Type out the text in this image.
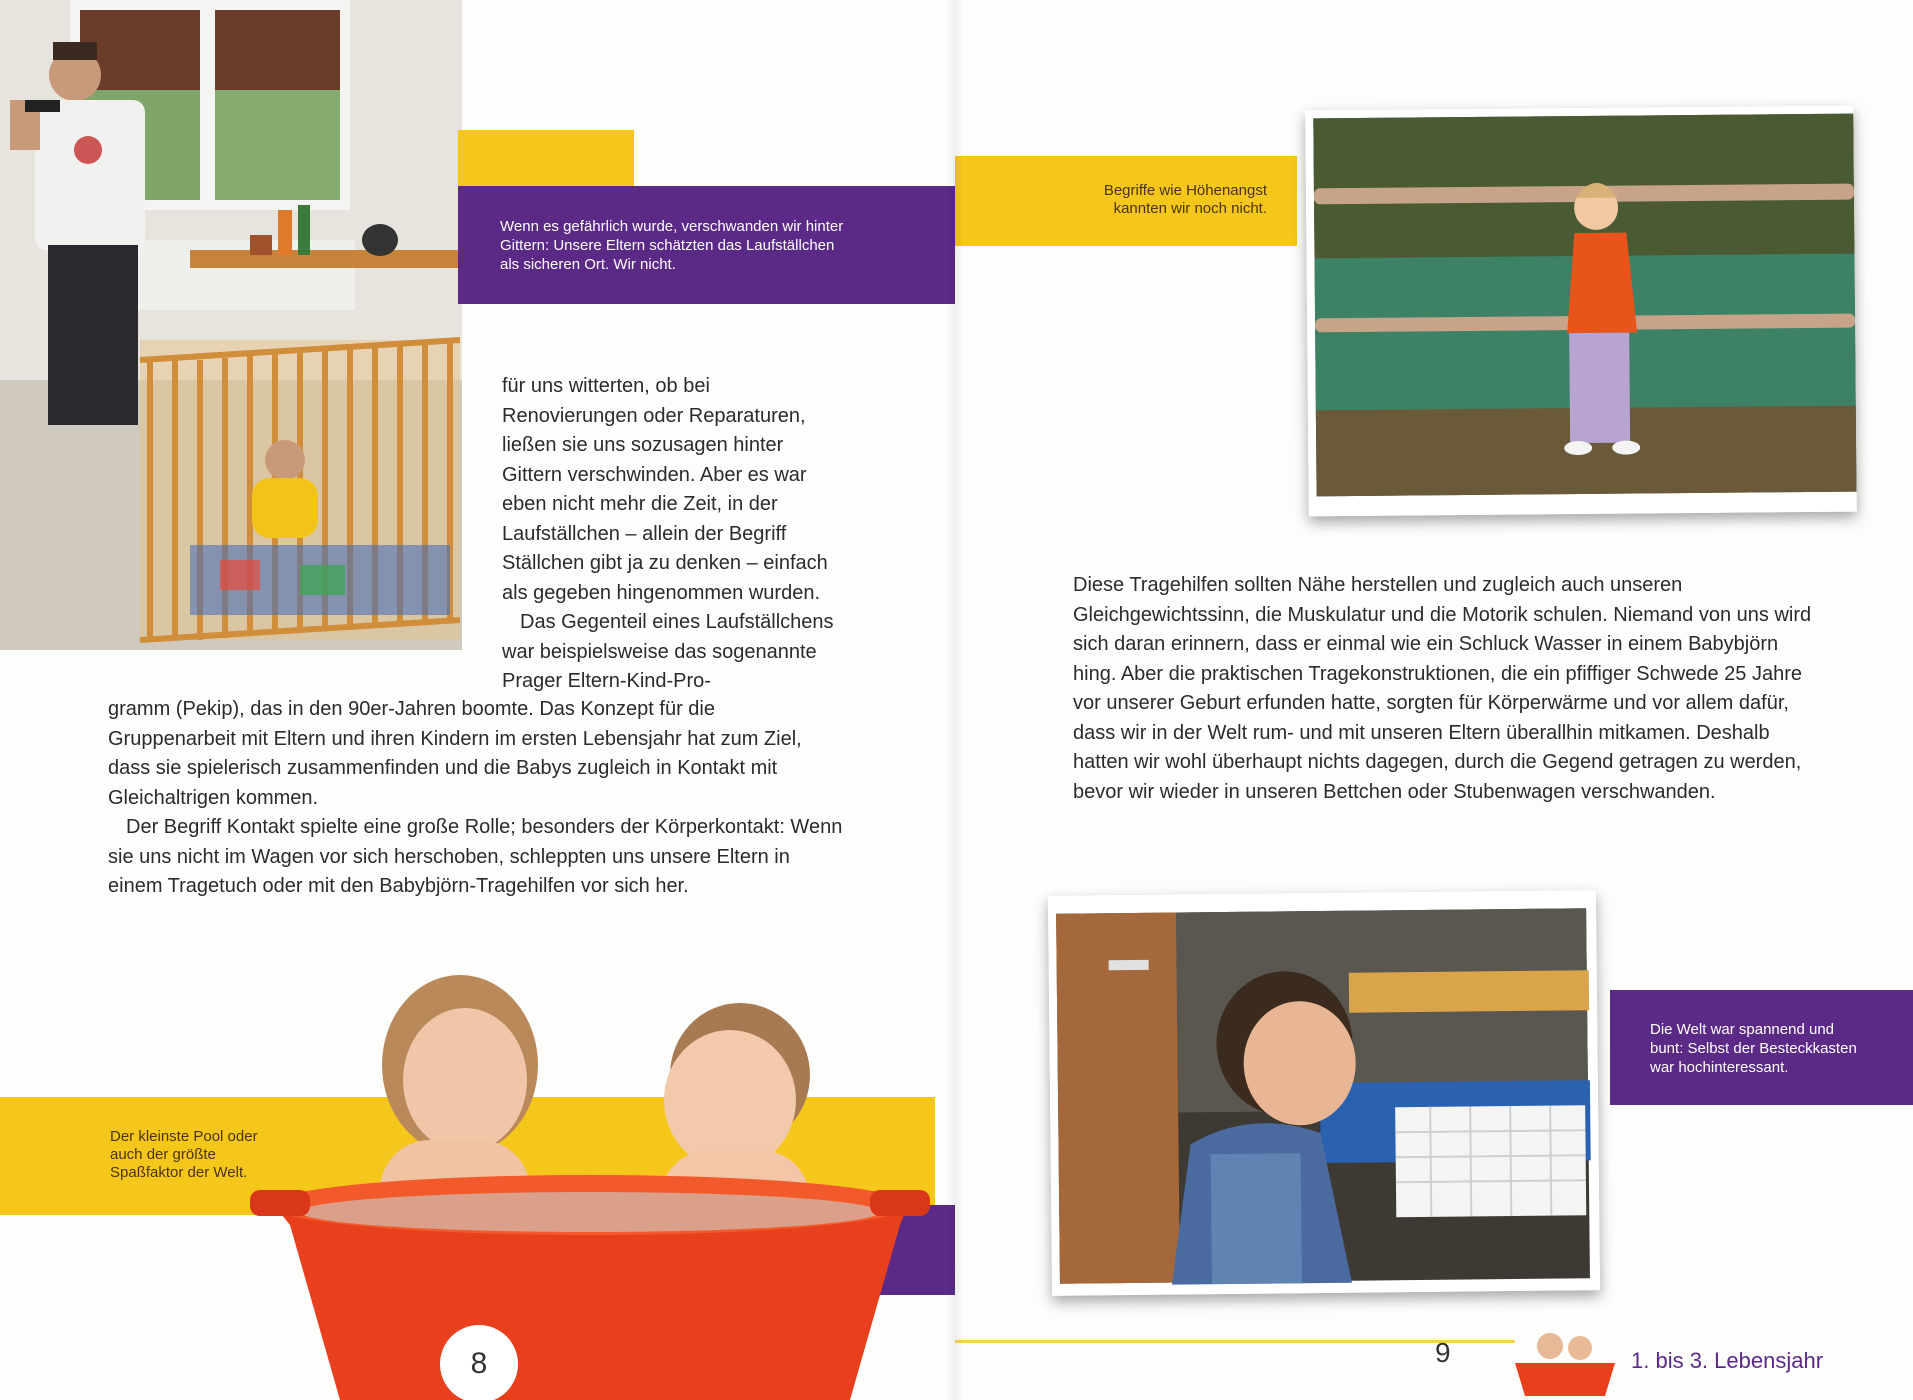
Wenn es gefährlich wurde, verschwanden wir hinter Gittern: Unsere Eltern schätzten das Laufställchen als sicheren Ort. Wir nicht.

für uns witterten, ob bei Renovierungen oder Reparaturen, ließen sie uns sozusagen hinter Gittern verschwinden. Aber es war eben nicht mehr die Zeit, in der Laufställchen – allein der Begriff Ställchen gibt ja zu denken – einfach als gegeben hingenommen wurden.

Das Gegenteil eines Laufställchens war beispielsweise das sogenannte Prager Eltern-Kind-Pro-

gramm (Pekip), das in den 90er-Jahren boomte. Das Konzept für die Gruppenarbeit mit Eltern und ihren Kindern im ersten Lebensjahr hat zum Ziel, dass sie spielerisch zusammenfinden und die Babys zugleich in Kontakt mit Gleichaltrigen kommen.

Der Begriff Kontakt spielte eine große Rolle; besonders der Körperkontakt: Wenn sie uns nicht im Wagen vor sich herschoben, schleppten uns unsere Eltern in einem Tragetuch oder mit den Babybjörn-Tragehilfen vor sich her.

Der kleinste Pool oder auch der größte Spaßfaktor der Welt.
8
Begriffe wie Höhenangst kannten wir noch nicht.

Diese Tragehilfen sollten Nähe herstellen und zugleich auch unseren Gleichgewichtssinn, die Muskulatur und die Motorik schulen. Niemand von uns wird sich daran erinnern, dass er einmal wie ein Schluck Wasser in einem Babybjörn hing. Aber die praktischen Tragekonstruktionen, die ein pfiffiger Schwede 25 Jahre vor unserer Geburt erfunden hatte, sorgten für Körperwärme und vor allem dafür, dass wir in der Welt rum- und mit unseren Eltern überallhin mitkamen. Deshalb hatten wir wohl überhaupt nichts dagegen, durch die Gegend getragen zu werden, bevor wir wieder in unseren Bettchen oder Stubenwagen verschwanden.

Die Welt war spannend und bunt: Selbst der Besteckkasten war hochinteressant.
9	1. bis 3. Lebensjahr
